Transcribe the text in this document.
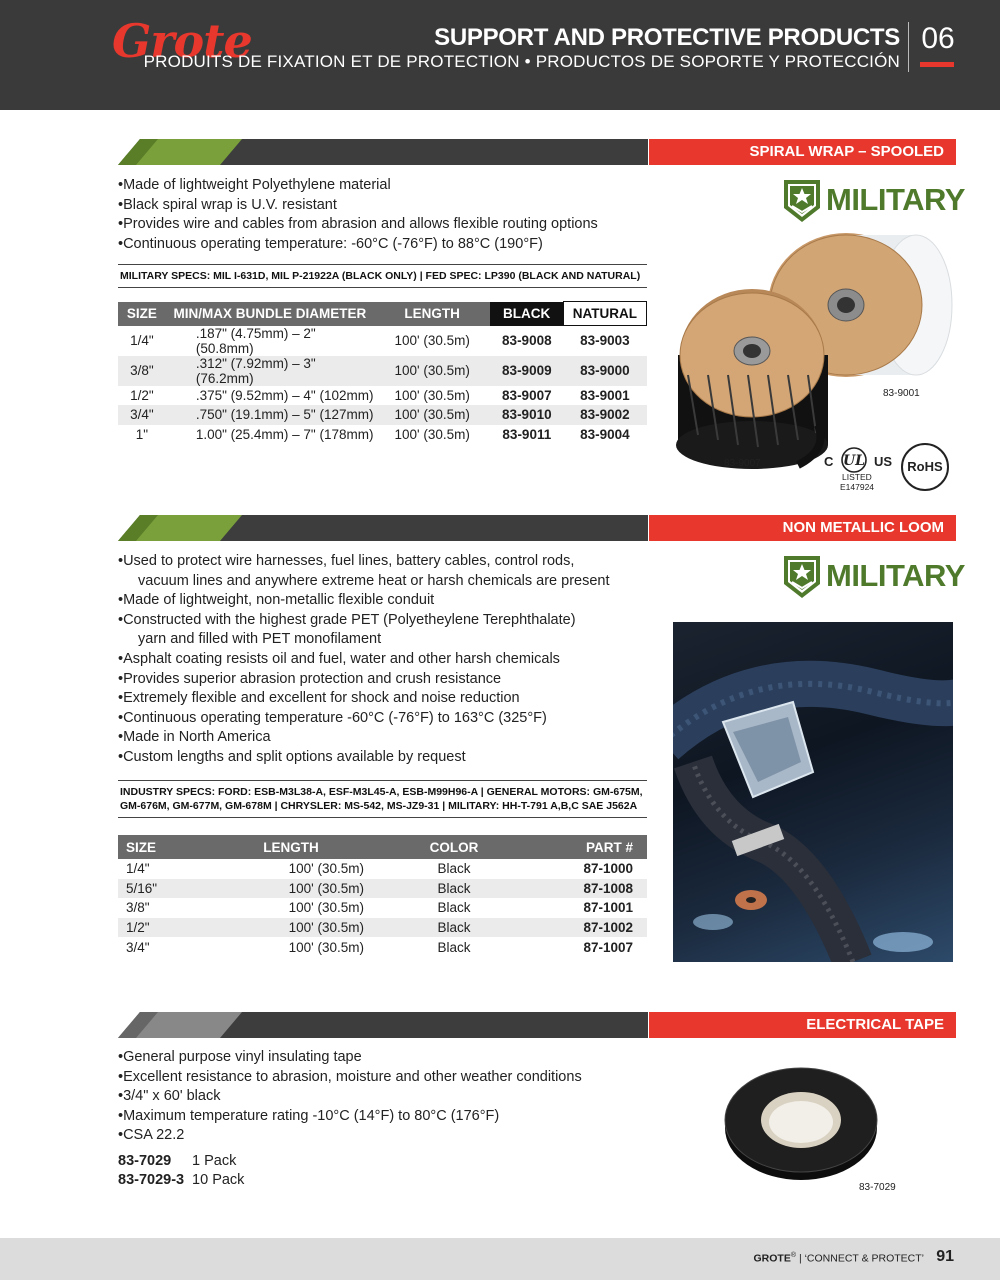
Grote	SUPPORT AND PROTECTIVE PRODUCTS
PRODUITS DE FIXATION ET DE PROTECTION • PRODUCTOS DE SOPORTE Y PROTECCIÓN
06
SPIRAL WRAP – SPOOLED
• Made of lightweight Polyethylene material
• Black spiral wrap is U.V. resistant
• Provides wire and cables from abrasion and allows flexible routing options
• Continuous operating temperature: -60°C (-76°F) to 88°C (190°F)
MILITARY SPECS: MIL I-631D, MIL P-21922A (BLACK ONLY) | FED SPEC: LP390 (BLACK AND NATURAL)
SIZE	MIN/MAX BUNDLE DIAMETER	LENGTH	BLACK	NATURAL
1/4"	.187" (4.75mm) – 2" (50.8mm)	100' (30.5m)	83-9008	83-9003
3/8"	.312" (7.92mm) – 3" (76.2mm)	100' (30.5m)	83-9009	83-9000
1/2"	.375" (9.52mm) – 4" (102mm)	100' (30.5m)	83-9007	83-9001
3/4"	.750" (19.1mm) – 5" (127mm)	100' (30.5m)	83-9010	83-9002
1"	1.00" (25.4mm) – 7" (178mm)	100' (30.5m)	83-9011	83-9004
MILITARY
83-9001
83-9007	C UL US
LISTED
E147924
RoHS
NON METALLIC LOOM
• Used to protect wire harnesses, fuel lines, battery cables, control rods,
vacuum lines and anywhere extreme heat or harsh chemicals are present
• Made of lightweight, non-metallic flexible conduit
• Constructed with the highest grade PET (Polyetheylene Terephthalate)
yarn and filled with PET monofilament
• Asphalt coating resists oil and fuel, water and other harsh chemicals
• Provides superior abrasion protection and crush resistance
• Extremely flexible and excellent for shock and noise reduction
• Continuous operating temperature -60°C (-76°F) to 163°C (325°F)
• Made in North America
• Custom lengths and split options available by request
INDUSTRY SPECS: FORD: ESB-M3L38-A, ESF-M3L45-A, ESB-M99H96-A | GENERAL MOTORS: GM-675M,
GM-676M, GM-677M, GM-678M | CHRYSLER: MS-542, MS-JZ9-31 | MILITARY: HH-T-791 A,B,C SAE J562A
SIZE	LENGTH	COLOR	PART #
1/4"	100' (30.5m)	Black	87-1000
5/16"	100' (30.5m)	Black	87-1008
3/8"	100' (30.5m)	Black	87-1001
1/2"	100' (30.5m)	Black	87-1002
3/4"	100' (30.5m)	Black	87-1007
MILITARY
ELECTRICAL TAPE
• General purpose vinyl insulating tape
• Excellent resistance to abrasion, moisture and other weather conditions
• 3/4" x 60' black
• Maximum temperature rating -10°C (14°F) to 80°C (176°F)
• CSA 22.2
83-7029 1 Pack
83-7029-3 10 Pack	83-7029
GROTE® | ‘CONNECT & PROTECT’ 91
